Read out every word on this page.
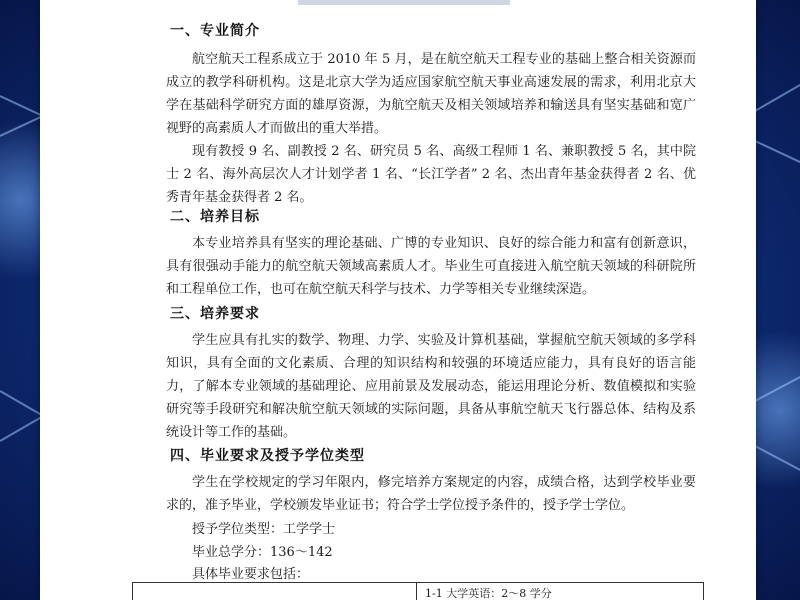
一、专业简介

航空航天工程系成立于 2010 年 5 月，是在航空航天工程专业的基础上整合相关资源而成立的教学科研机构。这是北京大学为适应国家航空航天事业高速发展的需求，利用北京大学在基础科学研究方面的雄厚资源，为航空航天及相关领域培养和输送具有坚实基础和宽广视野的高素质人才而做出的重大举措。

现有教授 9 名、副教授 2 名、研究员 5 名、高级工程师 1 名、兼职教授 5 名，其中院士 2 名、海外高层次人才计划学者 1 名、“长江学者” 2 名、杰出青年基金获得者 2 名、优秀青年基金获得者 2 名。

二、培养目标

本专业培养具有坚实的理论基础、广博的专业知识、良好的综合能力和富有创新意识，具有很强动手能力的航空航天领域高素质人才。毕业生可直接进入航空航天领域的科研院所和工程单位工作，也可在航空航天科学与技术、力学等相关专业继续深造。

三、培养要求

学生应具有扎实的数学、物理、力学、实验及计算机基础，掌握航空航天领域的多学科知识，具有全面的文化素质、合理的知识结构和较强的环境适应能力，具有良好的语言能力，了解本专业领域的基础理论、应用前景及发展动态，能运用理论分析、数值模拟和实验研究等手段研究和解决航空航天领域的实际问题，具备从事航空航天飞行器总体、结构及系统设计等工作的基础。

四、毕业要求及授予学位类型

学生在学校规定的学习年限内，修完培养方案规定的内容，成绩合格，达到学校毕业要求的，准予毕业，学校颁发毕业证书；符合学士学位授予条件的，授予学士学位。

授予学位类型：工学学士
毕业总学分：136～142
具体毕业要求包括：
1-1 大学英语：2～8 学分
